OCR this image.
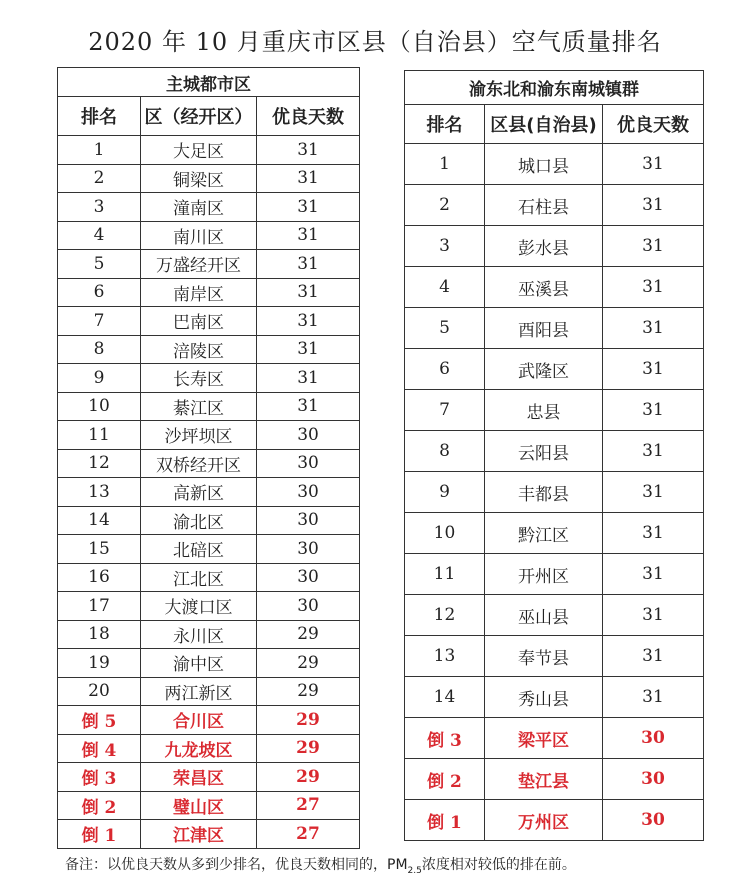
2020 年 10 月重庆市区县（自治县）空气质量排名
主城都市区		
排名	区（经开区）	优良天数
1	大足区	31
2	铜梁区	31
3	潼南区	31
4	南川区	31
5	万盛经开区	31
6	南岸区	31
7	巴南区	31
8	涪陵区	31
9	长寿区	31
10	綦江区	31
11	沙坪坝区	30
12	双桥经开区	30
13	高新区	30
14	渝北区	30
15	北碚区	30
16	江北区	30
17	大渡口区	30
18	永川区	29
19	渝中区	29
20	两江新区	29
倒 5	合川区	29
倒 4	九龙坡区	29
倒 3	荣昌区	29
倒 2	璧山区	27
倒 1	江津区	27
渝东北和渝东南城镇群		
排名	区县(自治县)	优良天数
1	城口县	31
2	石柱县	31
3	彭水县	31
4	巫溪县	31
5	酉阳县	31
6	武隆区	31
7	忠县	31
8	云阳县	31
9	丰都县	31
10	黔江区	31
11	开州区	31
12	巫山县	31
13	奉节县	31
14	秀山县	31
倒 3	梁平区	30
倒 2	垫江县	30
倒 1	万州区	30
备注：以优良天数从多到少排名，优良天数相同的，$PM_{2.5}$浓度相对较低的排在前。
